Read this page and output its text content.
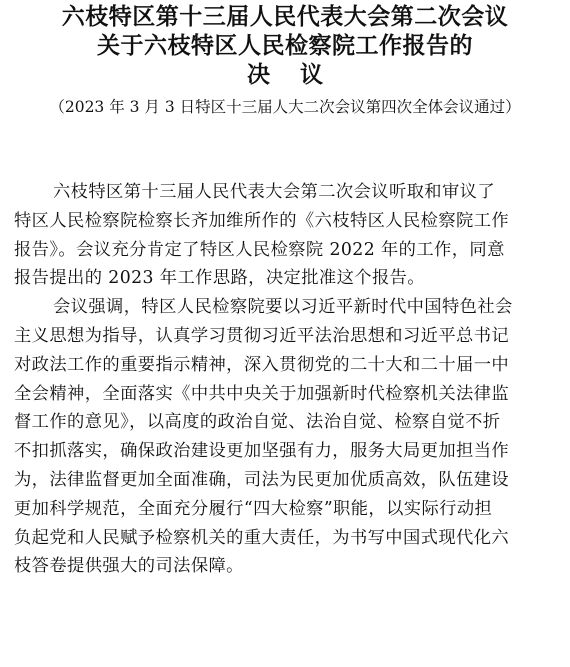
六枝特区第十三届人民代表大会第二次会议
关于六枝特区人民检察院工作报告的
决议

（2023 年 3 月 3 日特区十三届人大二次会议第四次全体会议通过）

六枝特区第十三届人民代表大会第二次会议听取和审议了
特区人民检察院检察长齐加维所作的《六枝特区人民检察院工作
报告》。会议充分肯定了特区人民检察院 2022 年的工作，同意
报告提出的 2023 年工作思路，决定批准这个报告。
会议强调，特区人民检察院要以习近平新时代中国特色社会
主义思想为指导，认真学习贯彻习近平法治思想和习近平总书记
对政法工作的重要指示精神，深入贯彻党的二十大和二十届一中
全会精神，全面落实《中共中央关于加强新时代检察机关法律监
督工作的意见》，以高度的政治自觉、法治自觉、检察自觉不折
不扣抓落实，确保政治建设更加坚强有力，服务大局更加担当作
为，法律监督更加全面准确，司法为民更加优质高效，队伍建设
更加科学规范，全面充分履行“四大检察”职能，以实际行动担
负起党和人民赋予检察机关的重大责任，为书写中国式现代化六
枝答卷提供强大的司法保障。
